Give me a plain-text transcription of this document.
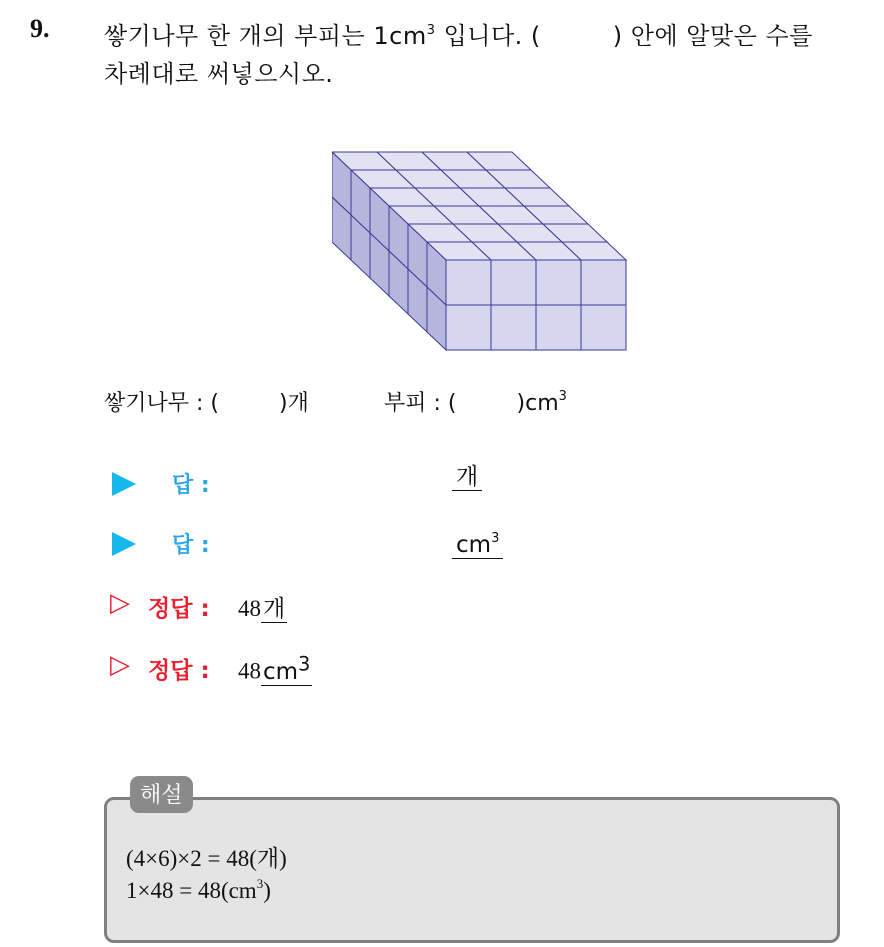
9. 쌓기나무 한 개의 부피는 $1cm^3$ 입니다. (	) 안에 알맞은 수를
차례대로 써넣으시오.
쌓기나무 : (	)개	부피 : (	)$cm^3$
답 :	개
답 :	$cm^3$
▷ 정답 : 48개
▷ 정답 : $48cm^3$
해설
(4×6)×2 = 48(개)
$1\times 48 = 48(cm^3)$
